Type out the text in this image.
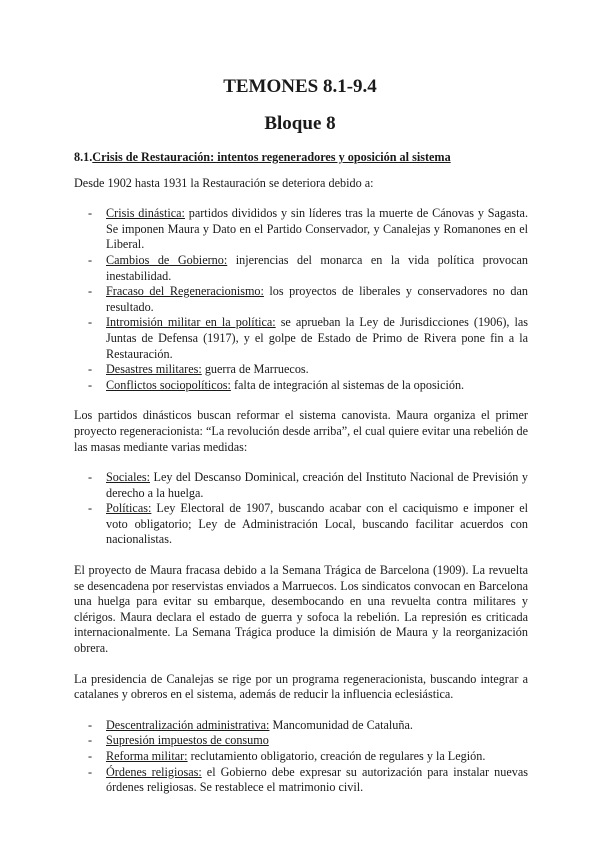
TEMONES 8.1-9.4
Bloque 8
8.1.Crisis de Restauración: intentos regeneradores y oposición al sistema

Desde 1902 hasta 1931 la Restauración se deteriora debido a:

- Crisis dinástica: partidos divididos y sin líderes tras la muerte de Cánovas y Sagasta. Se imponen Maura y Dato en el Partido Conservador, y Canalejas y Romanones en el Liberal.
- Cambios de Gobierno: injerencias del monarca en la vida política provocan inestabilidad.
- Fracaso del Regeneracionismo: los proyectos de liberales y conservadores no dan resultado.
- Intromisión militar en la política: se aprueban la Ley de Jurisdicciones (1906), las Juntas de Defensa (1917), y el golpe de Estado de Primo de Rivera pone fin a la Restauración.
- Desastres militares: guerra de Marruecos.
- Conflictos sociopolíticos: falta de integración al sistemas de la oposición.

Los partidos dinásticos buscan reformar el sistema canovista. Maura organiza el primer proyecto regeneracionista: “La revolución desde arriba”, el cual quiere evitar una rebelión de las masas mediante varias medidas:

- Sociales: Ley del Descanso Dominical, creación del Instituto Nacional de Previsión y derecho a la huelga.
- Políticas: Ley Electoral de 1907, buscando acabar con el caciquismo e imponer el voto obligatorio; Ley de Administración Local, buscando facilitar acuerdos con nacionalistas.

El proyecto de Maura fracasa debido a la Semana Trágica de Barcelona (1909). La revuelta se desencadena por reservistas enviados a Marruecos. Los sindicatos convocan en Barcelona una huelga para evitar su embarque, desembocando en una revuelta contra militares y clérigos. Maura declara el estado de guerra y sofoca la rebelión. La represión es criticada internacionalmente. La Semana Trágica produce la dimisión de Maura y la reorganización obrera.

La presidencia de Canalejas se rige por un programa regeneracionista, buscando integrar a catalanes y obreros en el sistema, además de reducir la influencia eclesiástica.

- Descentralización administrativa: Mancomunidad de Cataluña.
- Supresión impuestos de consumo
- Reforma militar: reclutamiento obligatorio, creación de regulares y la Legión.
- Órdenes religiosas: el Gobierno debe expresar su autorización para instalar nuevas órdenes religiosas. Se restablece el matrimonio civil.
